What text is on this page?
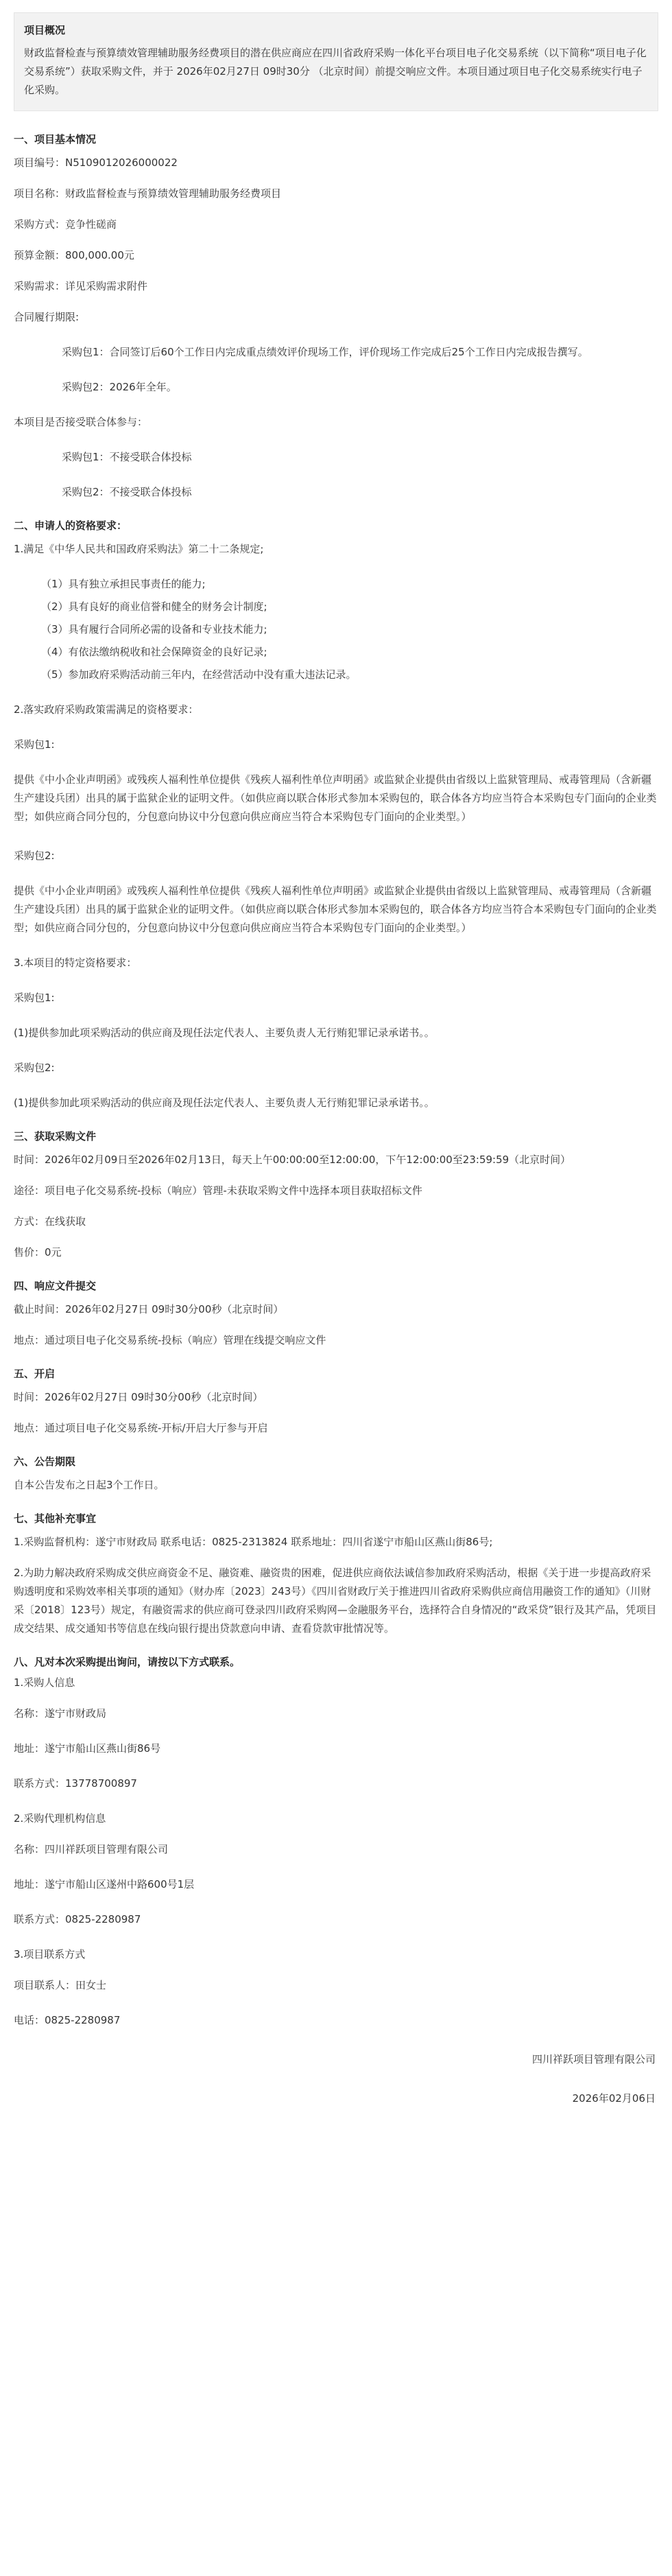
项目概况

财政监督检查与预算绩效管理辅助服务经费项目的潜在供应商应在四川省政府采购一体化平台项目电子化交易系统（以下简称“项目电子化交易系统”）获取采购文件，并于 2026年02月27日 09时30分 （北京时间）前提交响应文件。本项目通过项目电子化交易系统实行电子化采购。

一、项目基本情况

项目编号：N5109012026000022

项目名称：财政监督检查与预算绩效管理辅助服务经费项目

采购方式：竞争性磋商

预算金额：800,000.00元

采购需求：详见采购需求附件

合同履行期限:

采购包1：合同签订后60个工作日内完成重点绩效评价现场工作，评价现场工作完成后25个工作日内完成报告撰写。

采购包2：2026年全年。

本项目是否接受联合体参与：

采购包1：不接受联合体投标

采购包2：不接受联合体投标

二、申请人的资格要求：

1.满足《中华人民共和国政府采购法》第二十二条规定;

（1）具有独立承担民事责任的能力;

（2）具有良好的商业信誉和健全的财务会计制度;

（3）具有履行合同所必需的设备和专业技术能力;

（4）有依法缴纳税收和社会保障资金的良好记录;

（5）参加政府采购活动前三年内，在经营活动中没有重大违法记录。

2.落实政府采购政策需满足的资格要求：

采购包1:

提供《中小企业声明函》或残疾人福利性单位提供《残疾人福利性单位声明函》或监狱企业提供由省级以上监狱管理局、戒毒管理局（含新疆生产建设兵团）出具的属于监狱企业的证明文件。（如供应商以联合体形式参加本采购包的，联合体各方均应当符合本采购包专门面向的企业类型；如供应商合同分包的，分包意向协议中分包意向供应商应当符合本采购包专门面向的企业类型。）

采购包2:

提供《中小企业声明函》或残疾人福利性单位提供《残疾人福利性单位声明函》或监狱企业提供由省级以上监狱管理局、戒毒管理局（含新疆生产建设兵团）出具的属于监狱企业的证明文件。（如供应商以联合体形式参加本采购包的，联合体各方均应当符合本采购包专门面向的企业类型；如供应商合同分包的，分包意向协议中分包意向供应商应当符合本采购包专门面向的企业类型。）

3.本项目的特定资格要求：

采购包1:

(1)提供参加此项采购活动的供应商及现任法定代表人、主要负责人无行贿犯罪记录承诺书。。

采购包2:

(1)提供参加此项采购活动的供应商及现任法定代表人、主要负责人无行贿犯罪记录承诺书。。

三、获取采购文件

时间：2026年02月09日至2026年02月13日，每天上午00:00:00至12:00:00，下午12:00:00至23:59:59（北京时间）

途径：项目电子化交易系统-投标（响应）管理-未获取采购文件中选择本项目获取招标文件

方式：在线获取

售价：0元

四、响应文件提交

截止时间：2026年02月27日 09时30分00秒（北京时间）

地点：通过项目电子化交易系统-投标（响应）管理在线提交响应文件

五、开启

时间：2026年02月27日 09时30分00秒（北京时间）

地点：通过项目电子化交易系统-开标/开启大厅参与开启

六、公告期限

自本公告发布之日起3个工作日。

七、其他补充事宜

1.采购监督机构：遂宁市财政局 联系电话：0825-2313824 联系地址：四川省遂宁市船山区燕山街86号;

2.为助力解决政府采购成交供应商资金不足、融资难、融资贵的困难，促进供应商依法诚信参加政府采购活动，根据《关于进一步提高政府采购透明度和采购效率相关事项的通知》（财办库〔2023〕243号）《四川省财政厅关于推进四川省政府采购供应商信用融资工作的通知》（川财采〔2018〕123号）规定，有融资需求的供应商可登录四川政府采购网—金融服务平台，选择符合自身情况的“政采贷”银行及其产品，凭项目成交结果、成交通知书等信息在线向银行提出贷款意向申请、查看贷款审批情况等。

八、凡对本次采购提出询问，请按以下方式联系。

1.采购人信息

名称：遂宁市财政局

地址：遂宁市船山区燕山街86号

联系方式：13778700897

2.采购代理机构信息

名称：四川祥跃项目管理有限公司

地址：遂宁市船山区遂州中路600号1层

联系方式：0825-2280987

3.项目联系方式

项目联系人：田女士

电话：0825-2280987

四川祥跃项目管理有限公司

2026年02月06日
